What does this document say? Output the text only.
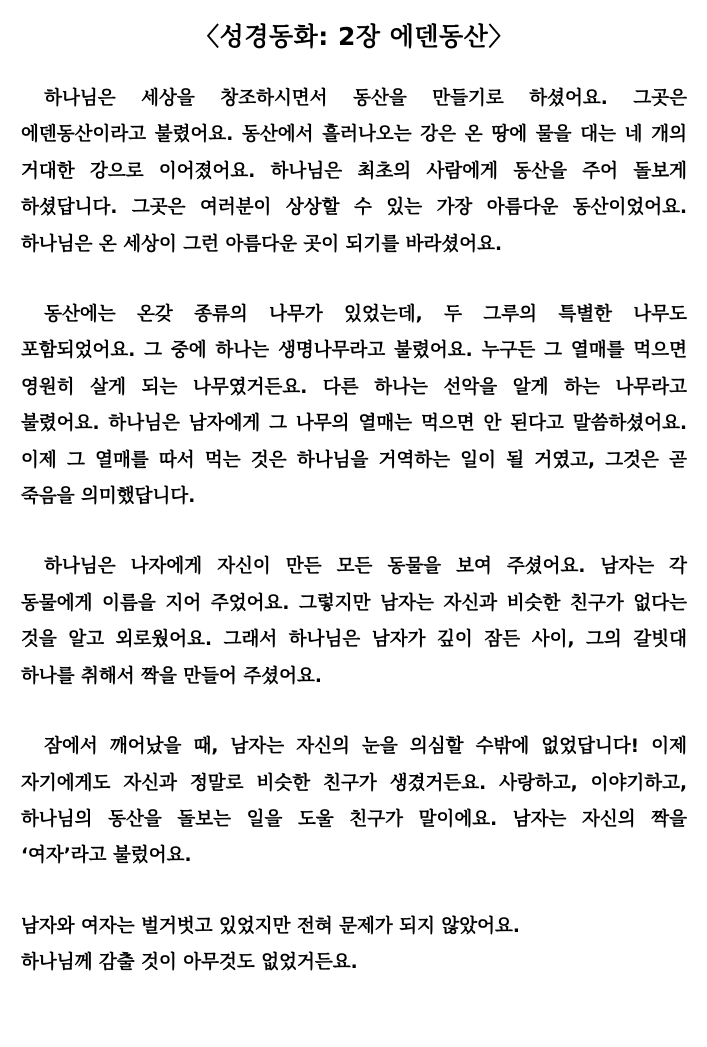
〈성경동화: 2장 에덴동산〉

하나님은 세상을 창조하시면서 동산을 만들기로 하셨어요. 그곳은 에덴동산이라고 불렸어요. 동산에서 흘러나오는 강은 온 땅에 물을 대는 네 개의 거대한 강으로 이어졌어요. 하나님은 최초의 사람에게 동산을 주어 돌보게 하셨답니다. 그곳은 여러분이 상상할 수 있는 가장 아름다운 동산이었어요. 하나님은 온 세상이 그런 아름다운 곳이 되기를 바라셨어요.

동산에는 온갖 종류의 나무가 있었는데, 두 그루의 특별한 나무도 포함되었어요. 그 중에 하나는 생명나무라고 불렸어요. 누구든 그 열매를 먹으면 영원히 살게 되는 나무였거든요. 다른 하나는 선악을 알게 하는 나무라고 불렸어요. 하나님은 남자에게 그 나무의 열매는 먹으면 안 된다고 말씀하셨어요. 이제 그 열매를 따서 먹는 것은 하나님을 거역하는 일이 될 거였고, 그것은 곧 죽음을 의미했답니다.

하나님은 나자에게 자신이 만든 모든 동물을 보여 주셨어요. 남자는 각 동물에게 이름을 지어 주었어요. 그렇지만 남자는 자신과 비슷한 친구가 없다는 것을 알고 외로웠어요. 그래서 하나님은 남자가 깊이 잠든 사이, 그의 갈빗대 하나를 취해서 짝을 만들어 주셨어요.

잠에서 깨어났을 때, 남자는 자신의 눈을 의심할 수밖에 없었답니다! 이제 자기에게도 자신과 정말로 비슷한 친구가 생겼거든요. 사랑하고, 이야기하고, 하나님의 동산을 돌보는 일을 도울 친구가 말이에요. 남자는 자신의 짝을 ‘여자’라고 불렀어요.

남자와 여자는 벌거벗고 있었지만 전혀 문제가 되지 않았어요.
하나님께 감출 것이 아무것도 없었거든요.
